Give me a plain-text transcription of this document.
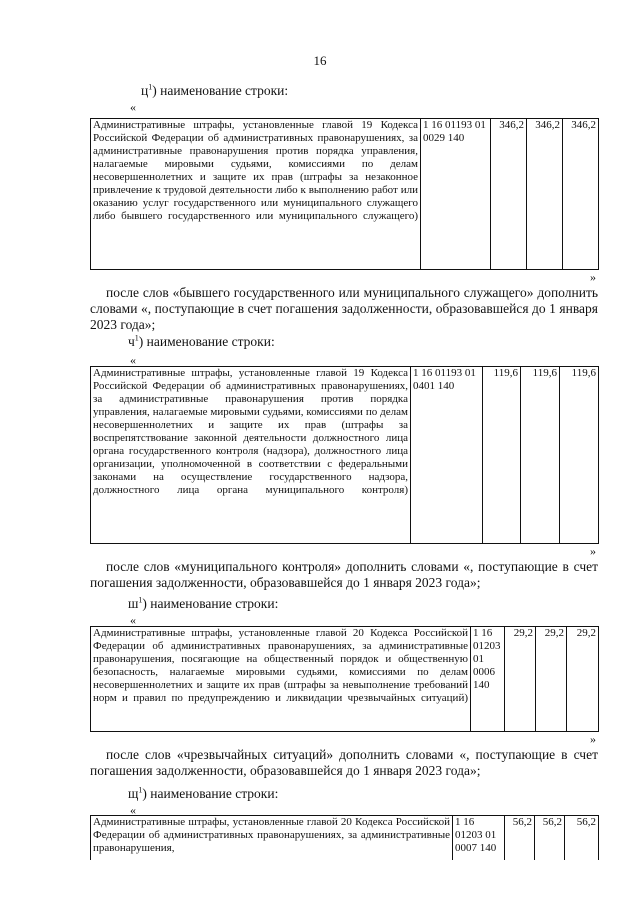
16
$ц^1$) наименование строки:
«
Административные штрафы, установленные главой 19 Кодекса Российской Федерации об административных правонарушениях, за административные правонарушения против порядка управления, налагаемые мировыми судьями, комиссиями по делам несовершеннолетних и защите их прав (штрафы за незаконное привлечение к трудовой деятельности либо к выполнению работ или оказанию услуг государственного или муниципального служащего либо бывшего государственного или муниципального служащего)	1 16 01193 01 0029 140	346,2	346,2	346,2
»
после слов «бывшего государственного или муниципального служащего» дополнить словами «, поступающие в счет погашения задолженности, образовавшейся до 1 января 2023 года»;
$ч^1$) наименование строки:
«
Административные штрафы, установленные главой 19 Кодекса Российской Федерации об административных правонарушениях, за административные правонарушения против порядка управления, налагаемые мировыми судьями, комиссиями по делам несовершеннолетних и защите их прав (штрафы за воспрепятствование законной деятельности должностного лица органа государственного контроля (надзора), должностного лица организации, уполномоченной в соответствии с федеральными законами на осуществление государственного надзора, должностного лица органа муниципального контроля)	1 16 01193 01 0401 140	119,6	119,6	119,6
»
после слов «муниципального контроля» дополнить словами «, поступающие в счет погашения задолженности, образовавшейся до 1 января 2023 года»;
$ш^1$) наименование строки:
«
Административные штрафы, установленные главой 20 Кодекса Российской Федерации об административных правонарушениях, за административные правонарушения, посягающие на общественный порядок и общественную безопасность, налагаемые мировыми судьями, комиссиями по делам несовершеннолетних и защите их прав (штрафы за невыполнение требований норм и правил по предупреждению и ликвидации чрезвычайных ситуаций)	1 16 01203 01 0006 140	29,2	29,2	29,2
»
после слов «чрезвычайных ситуаций» дополнить словами «, поступающие в счет погашения задолженности, образовавшейся до 1 января 2023 года»;
$щ^1$) наименование строки:
«
Административные штрафы, установленные главой 20 Кодекса Российской Федерации об административных правонарушениях, за административные правонарушения,	1 16 01203 01 0007 140	56,2	56,2	56,2
